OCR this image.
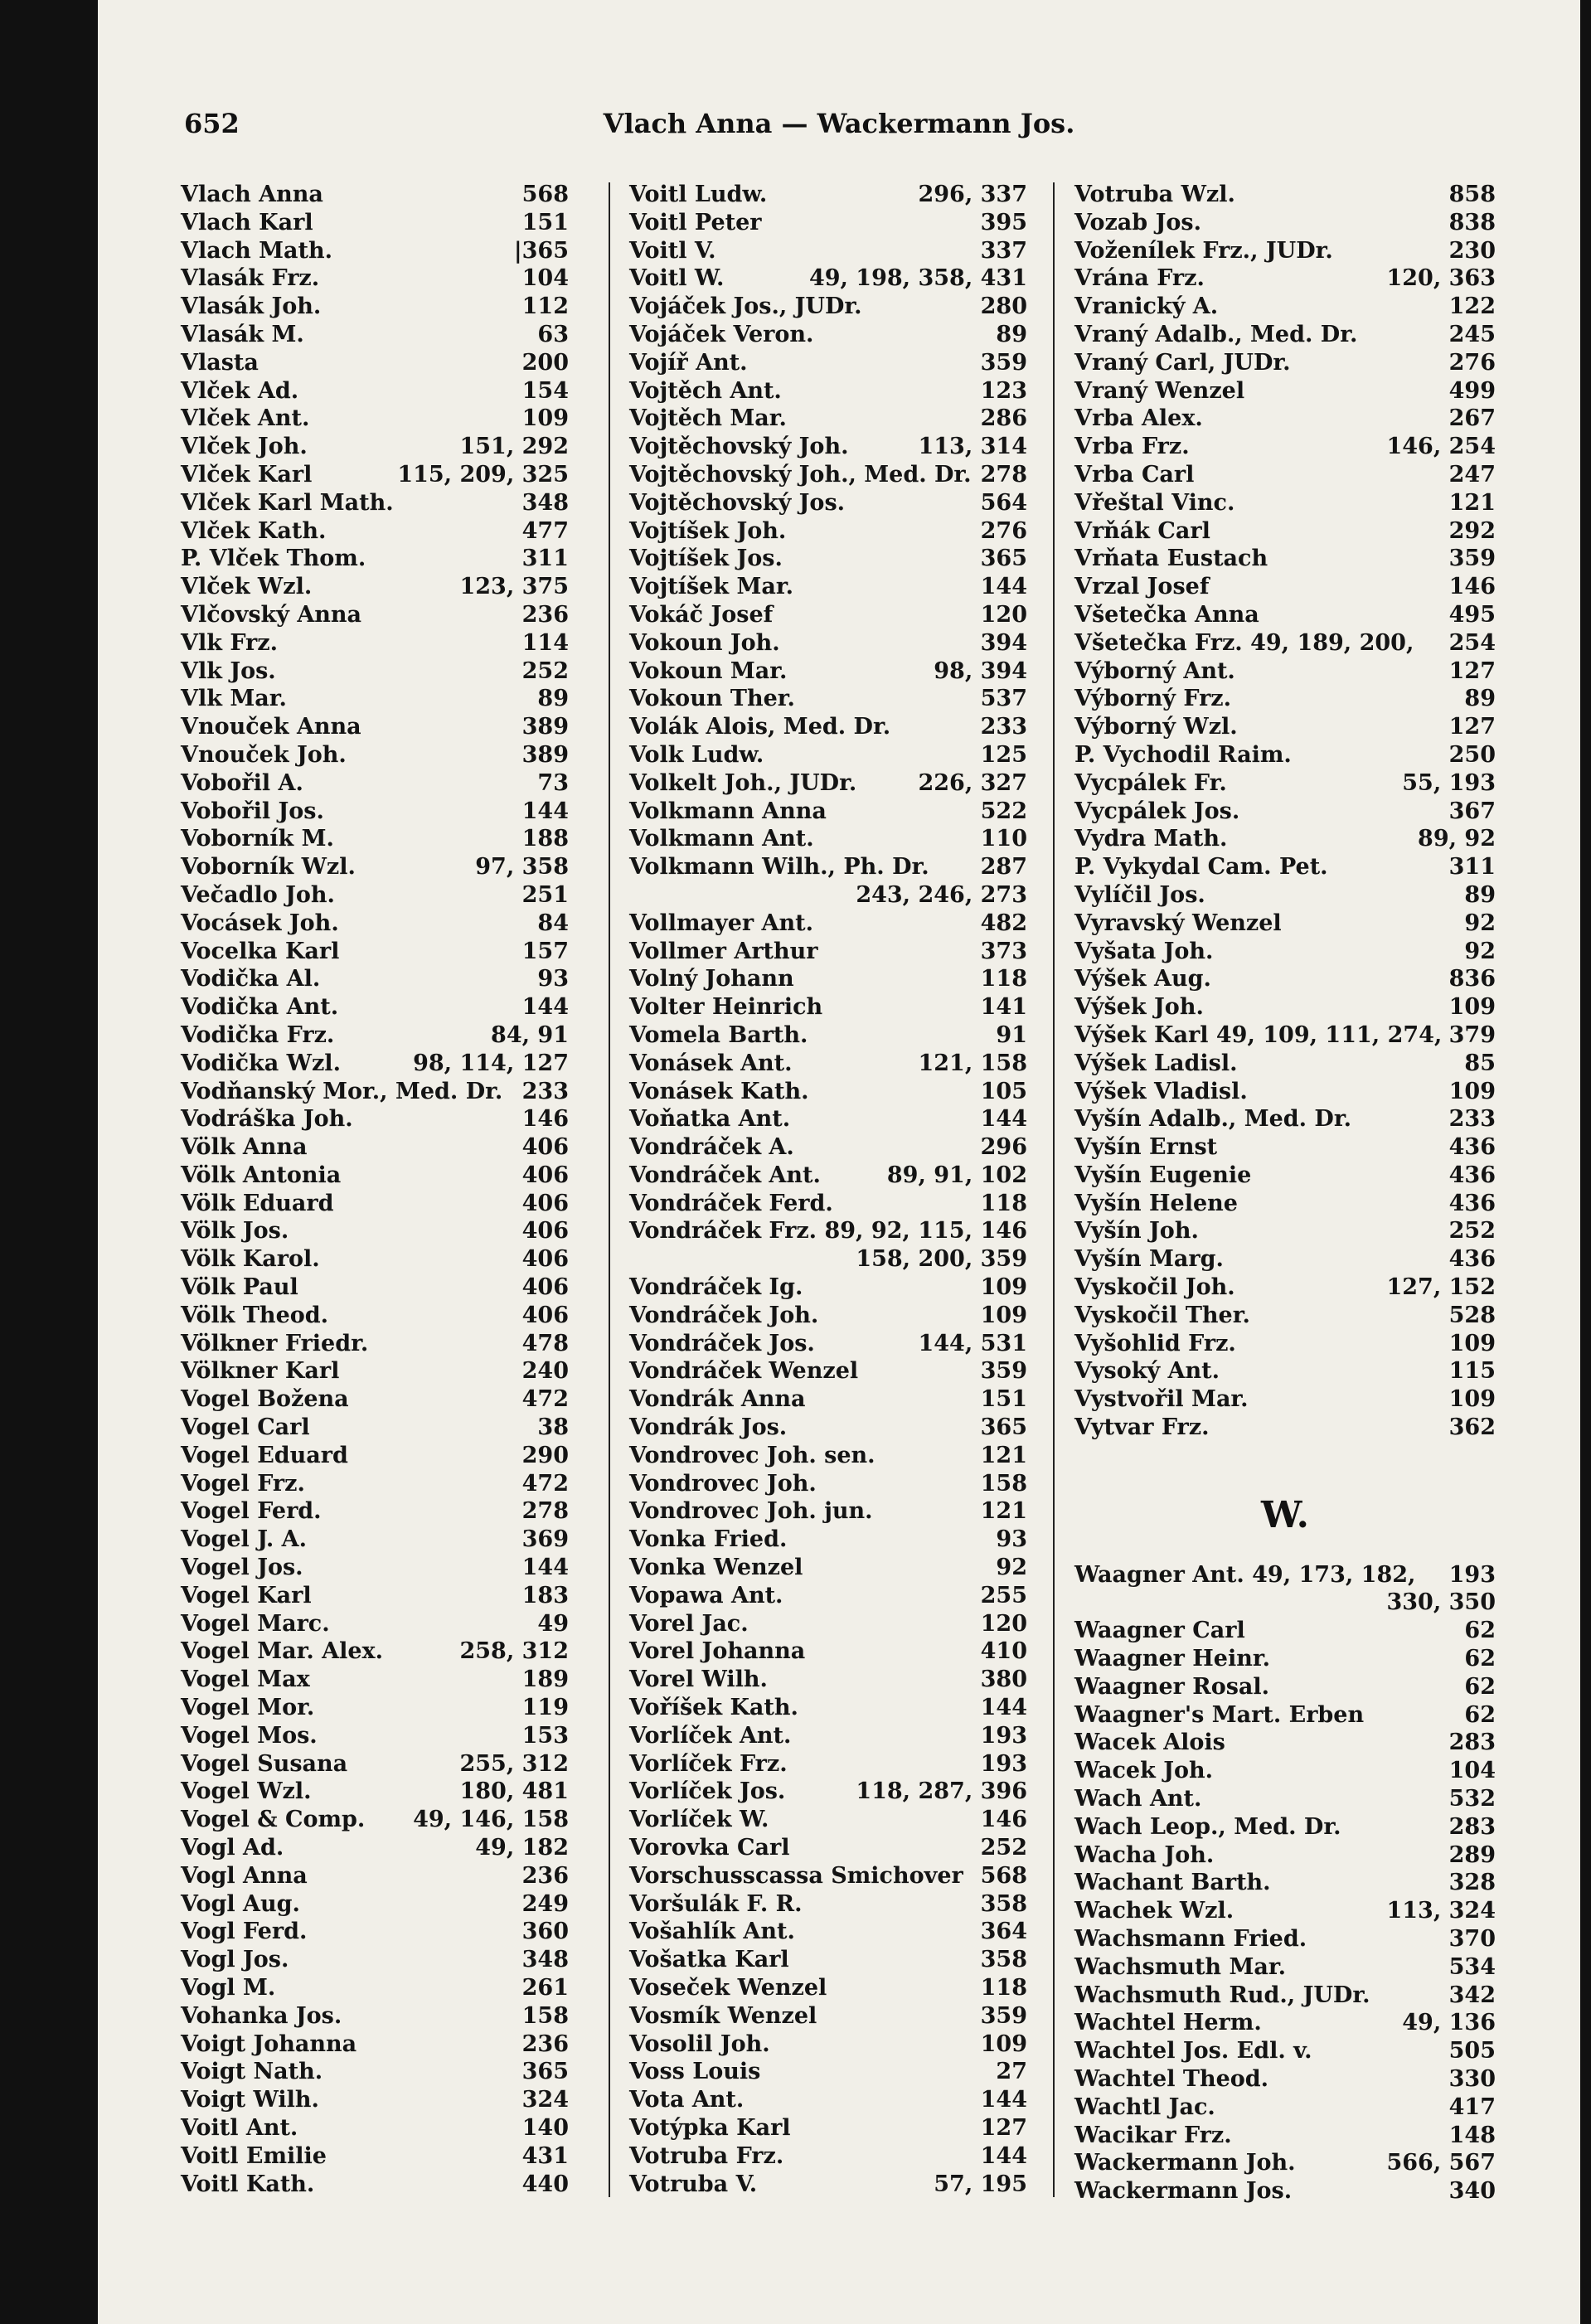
652	Vlach Anna — Wackermann Jos.
Vlach Anna	568
Vlach Karl	151
Vlach Math.	|365
Vlasák Frz.	104
Vlasák Joh.	112
Vlasák M.	63
Vlasta	200
Vlček Ad.	154
Vlček Ant.	109
Vlček Joh.	151, 292
Vlček Karl	115, 209, 325
Vlček Karl Math.	348
Vlček Kath.	477
P. Vlček Thom.	311
Vlček Wzl.	123, 375
Vlčovský Anna	236
Vlk Frz.	114
Vlk Jos.	252
Vlk Mar.	89
Vnouček Anna	389
Vnouček Joh.	389
Vobořil A.	73
Vobořil Jos.	144
Voborník M.	188
Voborník Wzl.	97, 358
Večadlo Joh.	251
Vocásek Joh.	84
Vocelka Karl	157
Vodička Al.	93
Vodička Ant.	144
Vodička Frz.	84, 91
Vodička Wzl.	98, 114, 127
Vodňanský Mor., Med. Dr. 233
Vodráška Joh.	146
Völk Anna	406
Völk Antonia	406
Völk Eduard	406
Völk Jos.	406
Völk Karol.	406
Völk Paul	406
Völk Theod.	406
Völkner Friedr.	478
Völkner Karl	240
Vogel Božena	472
Vogel Carl	38
Vogel Eduard	290
Vogel Frz.	472
Vogel Ferd.	278
Vogel J. A.	369
Vogel Jos.	144
Vogel Karl	183
Vogel Marc.	49
Vogel Mar. Alex.	258, 312
Vogel Max	189
Vogel Mor.	119
Vogel Mos.	153
Vogel Susana	255, 312
Vogel Wzl.	180, 481
Vogel & Comp. 49, 146, 158
Vogl Ad.	49, 182
Vogl Anna	236
Vogl Aug.	249
Vogl Ferd.	360
Vogl Jos.	348
Vogl M.	261
Vohanka Jos.	158
Voigt Johanna	236
Voigt Nath.	365
Voigt Wilh.	324
Voitl Ant.	140
Voitl Emilie	431
Voitl Kath.	440
Voitl Ludw.	296, 337
Voitl Peter	395
Voitl V.	337
Voitl W.	49, 198, 358, 431
Vojáček Jos., JUDr.	280
Vojáček Veron.	89
Vojíř Ant.	359
Vojtěch Ant.	123
Vojtěch Mar.	286
Vojtěchovský Joh.	113, 314
Vojtěchovský Joh., Med. Dr. 278
Vojtěchovský Jos.	564
Vojtíšek Joh.	276
Vojtíšek Jos.	365
Vojtíšek Mar.	144
Vokáč Josef	120
Vokoun Joh.	394
Vokoun Mar.	98, 394
Vokoun Ther.	537
Volák Alois, Med. Dr.	233
Volk Ludw.	125
Volkelt Joh., JUDr.	226, 327
Volkmann Anna	522
Volkmann Ant.	110
Volkmann Wilh., Ph. Dr. 287
243, 246, 273
Vollmayer Ant.	482
Vollmer Arthur	373
Volný Johann	118
Volter Heinrich	141
Vomela Barth.	91
Vonásek Ant.	121, 158
Vonásek Kath.	105
Voňatka Ant.	144
Vondráček A.	296
Vondráček Ant.	89, 91, 102
Vondráček Ferd.	118
Vondráček Frz. 89, 92, 115, 146
158, 200, 359
Vondráček Ig.	109
Vondráček Joh.	109
Vondráček Jos.	144, 531
Vondráček Wenzel	359
Vondrák Anna	151
Vondrák Jos.	365
Vondrovec Joh. sen.	121
Vondrovec Joh.	158
Vondrovec Joh. jun.	121
Vonka Fried.	93
Vonka Wenzel	92
Vopawa Ant.	255
Vorel Jac.	120
Vorel Johanna	410
Vorel Wilh.	380
Voříšek Kath.	144
Vorlíček Ant.	193
Vorlíček Frz.	193
Vorlíček Jos.	118, 287, 396
Vorlíček W.	146
Vorovka Carl	252
Vorschusscassa Smichover 568
Voršulák F. R.	358
Vošahlík Ant.	364
Vošatka Karl	358
Voseček Wenzel	118
Vosmík Wenzel	359
Vosolil Joh.	109
Voss Louis	27
Vota Ant.	144
Votýpka Karl	127
Votruba Frz.	144
Votruba V.	57, 195
Votruba Wzl.	858
Vozab Jos.	838
Voženílek Frz., JUDr.	230
Vrána Frz.	120, 363
Vranický A.	122
Vraný Adalb., Med. Dr.	245
Vraný Carl, JUDr.	276
Vraný Wenzel	499
Vrba Alex.	267
Vrba Frz.	146, 254
Vrba Carl	247
Vřeštal Vinc.	121
Vrňák Carl	292
Vrňata Eustach	359
Vrzal Josef	146
Všetečka Anna	495
Všetečka Frz. 49, 189, 200, 254
Výborný Ant.	127
Výborný Frz.	89
Výborný Wzl.	127
P. Vychodil Raim.	250
Vycpálek Fr.	55, 193
Vycpálek Jos.	367
Vydra Math.	89, 92
P. Vykydal Cam. Pet.	311
Vylíčil Jos.	89
Vyravský Wenzel	92
Vyšata Joh.	92
Výšek Aug.	836
Výšek Joh.	109
Výšek Karl 49, 109, 111, 274, 379
Výšek Ladisl.	85
Výšek Vladisl.	109
Vyšín Adalb., Med. Dr.	233
Vyšín Ernst	436
Vyšín Eugenie	436
Vyšín Helene	436
Vyšín Joh.	252
Vyšín Marg.	436
Vyskočil Joh.	127, 152
Vyskočil Ther.	528
Vyšohlid Frz.	109
Vysoký Ant.	115
Vystvořil Mar.	109
Vytvar Frz.	362
W.
Waagner Ant. 49, 173, 182, 193
330, 350
Waagner Carl	62
Waagner Heinr.	62
Waagner Rosal.	62
Waagner's Mart. Erben	62
Wacek Alois	283
Wacek Joh.	104
Wach Ant.	532
Wach Leop., Med. Dr.	283
Wacha Joh.	289
Wachant Barth.	328
Wachek Wzl.	113, 324
Wachsmann Fried.	370
Wachsmuth Mar.	534
Wachsmuth Rud., JUDr.	342
Wachtel Herm.	49, 136
Wachtel Jos. Edl. v.	505
Wachtel Theod.	330
Wachtl Jac.	417
Wacikar Frz.	148
Wackermann Joh.	566, 567
Wackermann Jos.	340
